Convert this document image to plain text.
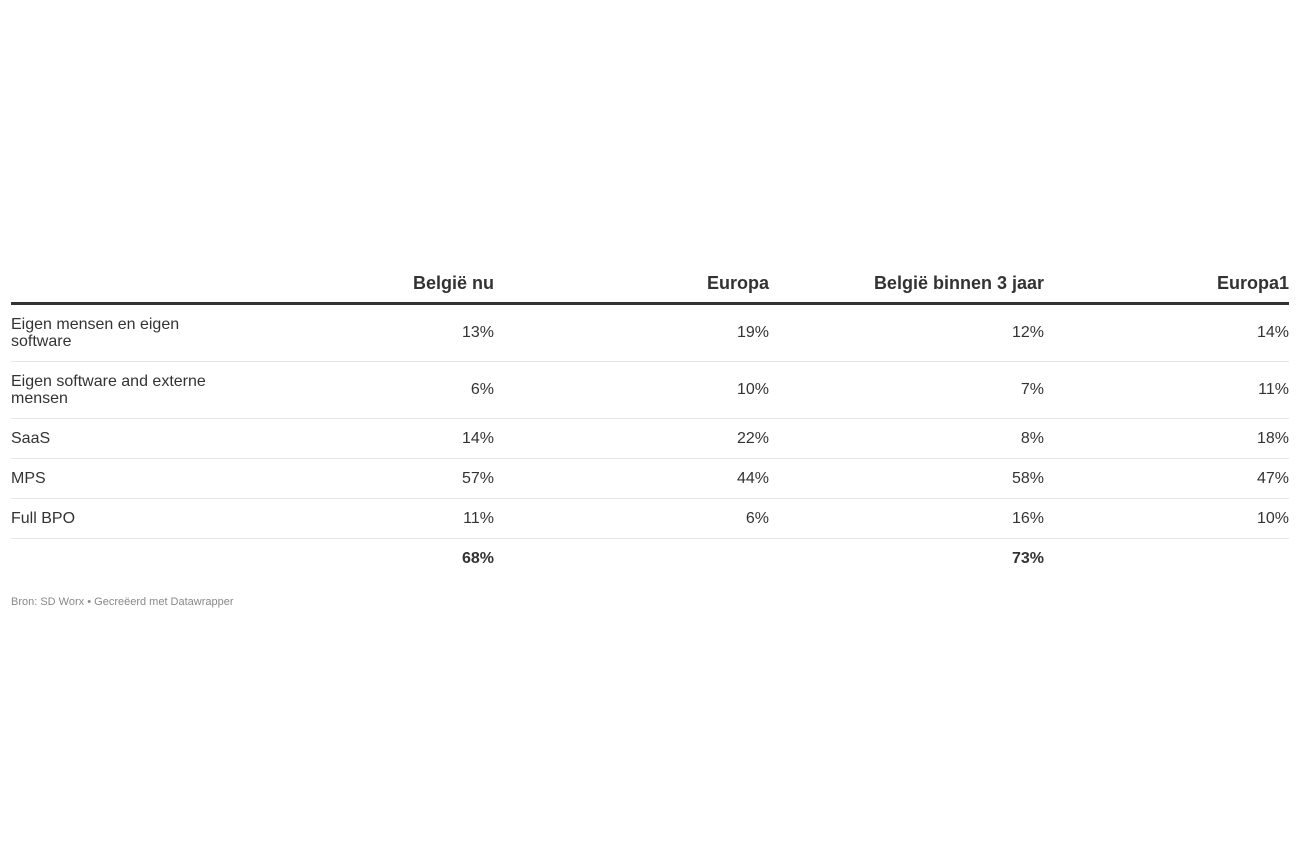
	België nu	Europa	België binnen 3 jaar	Europa1
Eigen mensen en eigen software	13%	19%	12%	14%
Eigen software and externe mensen	6%	10%	7%	11%
SaaS	14%	22%	8%	18%
MPS	57%	44%	58%	47%
Full BPO	11%	6%	16%	10%
	68%		73%	
Bron: SD Worx • Gecreëerd met Datawrapper
